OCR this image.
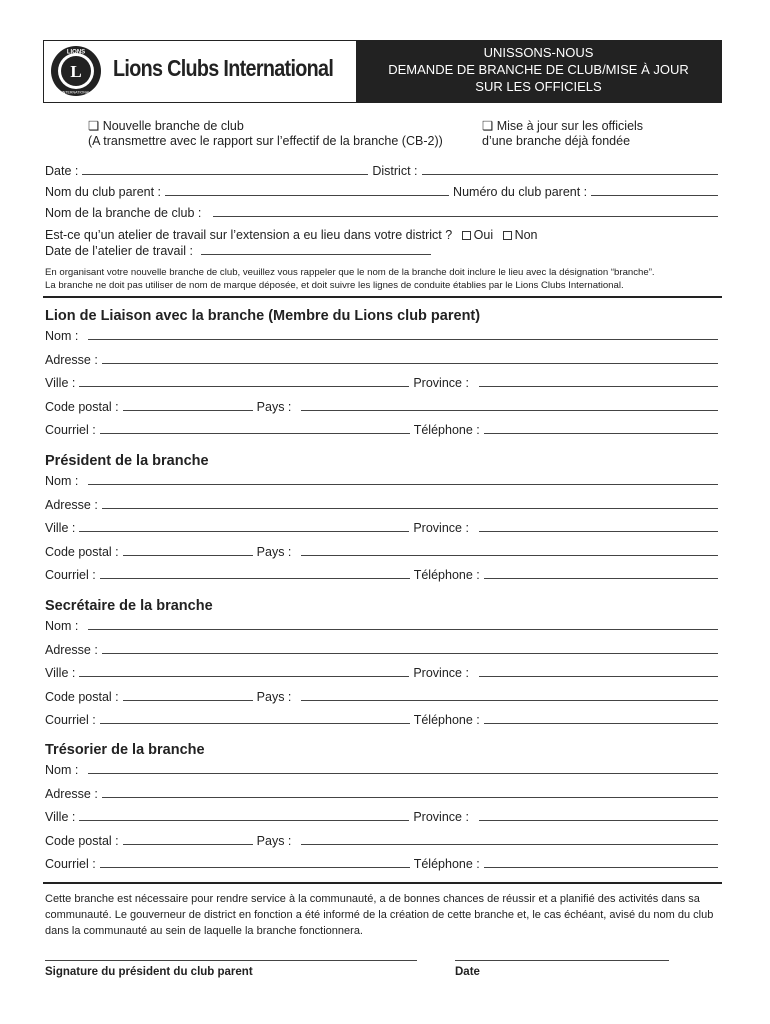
L
LIONS
INTERNATIONAL
Lions Clubs International
UNISSONS-NOUS
DEMANDE DE BRANCHE DE CLUB/MISE À JOUR
SUR LES OFFICIELS
❏ Nouvelle branche de club
(A transmettre avec le rapport sur l’effectif de la branche (CB-2))
❏ Mise à jour sur les officiels
d’une branche déjà fondée
Date :	District :
Nom du club parent :	Numéro du club parent :
Nom de la branche de club :
Est-ce qu’un atelier de travail sur l’extension a eu lieu dans votre district ? Oui Non
Date de l’atelier de travail :
En organisant votre nouvelle branche de club, veuillez vous rappeler que le nom de la branche doit inclure le lieu avec la désignation “branche”.
La branche ne doit pas utiliser de nom de marque déposée, et doit suivre les lignes de conduite établies par le Lions Clubs International.
Lion de Liaison avec la branche (Membre du Lions club parent)
Nom :
Adresse :
Ville :	Province :
Code postal :	Pays :
Courriel :	Téléphone :
Président de la branche
Nom :
Adresse :
Ville :	Province :
Code postal :	Pays :
Courriel :	Téléphone :
Secrétaire de la branche
Nom :
Adresse :
Ville :	Province :
Code postal :	Pays :
Courriel :	Téléphone :
Trésorier de la branche
Nom :
Adresse :
Ville :	Province :
Code postal :	Pays :
Courriel :	Téléphone :
Cette branche est nécessaire pour rendre service à la communauté, a de bonnes chances de réussir et a planifié des activités dans sa communauté. Le gouverneur de district en fonction a été informé de la création de cette branche et, le cas échéant, avisé du nom du club dans la communauté au sein de laquelle la branche fonctionnera.
Signature du président du club parent	Date
